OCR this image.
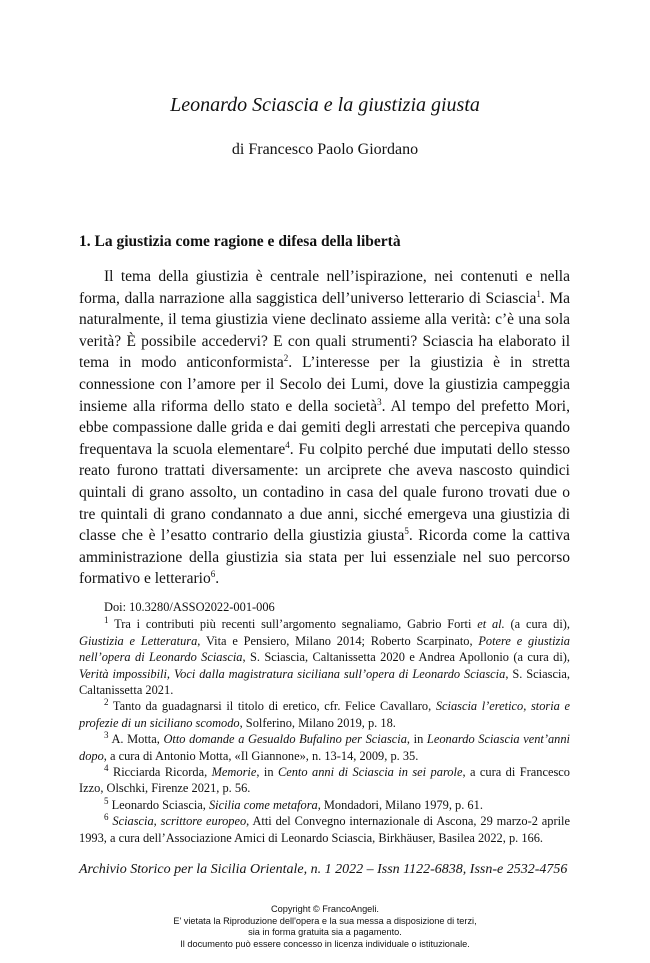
Leonardo Sciascia e la giustizia giusta
di Francesco Paolo Giordano
1. La giustizia come ragione e difesa della libertà

Il tema della giustizia è centrale nell’ispirazione, nei contenuti e nella forma, dalla narrazione alla saggistica dell’universo letterario di Sciascia$^1$. Ma naturalmente, il tema giustizia viene declinato assieme alla verità: c’è una sola verità? È possibile accedervi? E con quali strumenti? Sciascia ha elaborato il tema in modo anticonformista$^2$. L’interesse per la giustizia è in stretta connessione con l’amore per il Secolo dei Lumi, dove la giustizia campeggia insieme alla riforma dello stato e della società$^3$. Al tempo del prefetto Mori, ebbe compassione dalle grida e dai gemiti degli arrestati che percepiva quando frequentava la scuola elementare$^4$. Fu colpito perché due imputati dello stesso reato furono trattati diversamente: un arciprete che aveva nascosto quindici quintali di grano assolto, un contadino in casa del quale furono trovati due o tre quintali di grano condannato a due anni, sicché emergeva una giustizia di classe che è l’esatto contrario della giustizia giusta$^5$. Ricorda come la cattiva amministrazione della giustizia sia stata per lui essenziale nel suo percorso formativo e letterario$^6$.

Doi: 10.3280/ASSO2022-001-006

$^1$ Tra i contributi più recenti sull’argomento segnaliamo, Gabrio Forti et al. (a cura di), Giustizia e Letteratura, Vita e Pensiero, Milano 2014; Roberto Scarpinato, Potere e giustizia nell’opera di Leonardo Sciascia, S. Sciascia, Caltanissetta 2020 e Andrea Apollonio (a cura di), Verità impossibili, Voci dalla magistratura siciliana sull’opera di Leonardo Sciascia, S. Sciascia, Caltanissetta 2021.

$^2$ Tanto da guadagnarsi il titolo di eretico, cfr. Felice Cavallaro, Sciascia l’eretico, storia e profezie di un siciliano scomodo, Solferino, Milano 2019, p. 18.

$^3$ A. Motta, Otto domande a Gesualdo Bufalino per Sciascia, in Leonardo Sciascia vent’anni dopo, a cura di Antonio Motta, «Il Giannone», n. 13-14, 2009, p. 35.

$^4$ Ricciarda Ricorda, Memorie, in Cento anni di Sciascia in sei parole, a cura di Francesco Izzo, Olschki, Firenze 2021, p. 56.

$^5$ Leonardo Sciascia, Sicilia come metafora, Mondadori, Milano 1979, p. 61.

$^6$ Sciascia, scrittore europeo, Atti del Convegno internazionale di Ascona, 29 marzo-2 aprile 1993, a cura dell’Associazione Amici di Leonardo Sciascia, Birkhäuser, Basilea 2022, p. 166.

Archivio Storico per la Sicilia Orientale, n. 1 2022 – Issn 1122-6838, Issn-e 2532-4756
Copyright © FrancoAngeli.
E' vietata la Riproduzione dell'opera e la sua messa a disposizione di terzi,
sia in forma gratuita sia a pagamento.
Il documento può essere concesso in licenza individuale o istituzionale.
